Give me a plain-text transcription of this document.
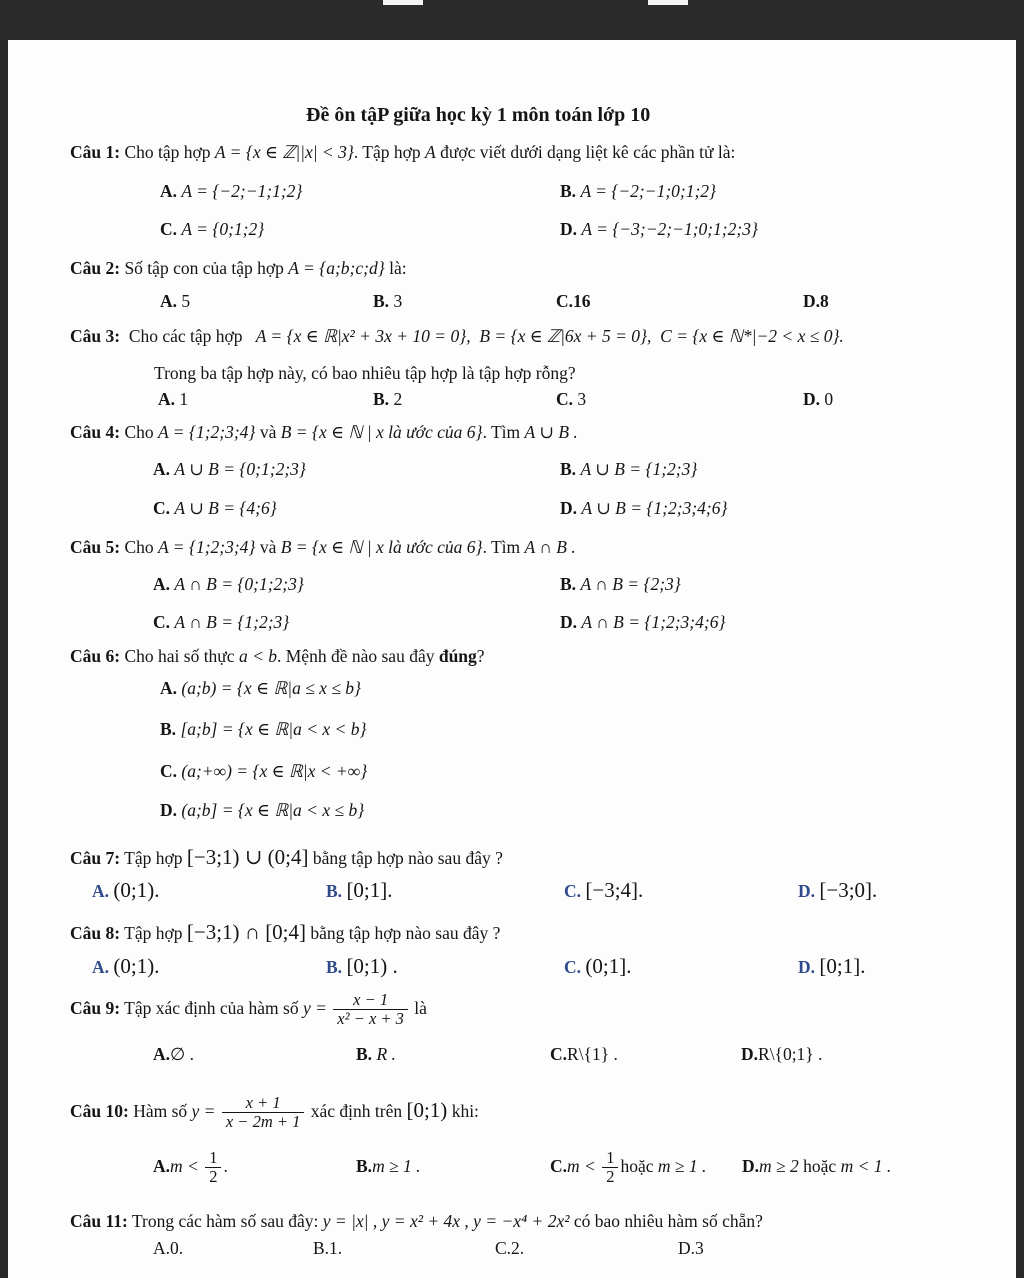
Đề ôn tậP giữa học kỳ 1 môn toán lớp 10
Câu 1: Cho tập hợp A = {x ∈ ℤ||x| < 3}. Tập hợp A được viết dưới dạng liệt kê các phần tử là:
A. A = {−2;−1;1;2}	B. A = {−2;−1;0;1;2}
C. A = {0;1;2}	D. A = {−3;−2;−1;0;1;2;3}
Câu 2: Số tập con của tập hợp A = {a;b;c;d} là:
A. 5	B. 3	C.16	D.8
Câu 3: Cho các tập hợp A = {x ∈ ℝ|x² + 3x + 10 = 0}, B = {x ∈ ℤ|6x + 5 = 0}, C = {x ∈ ℕ*|−2 < x ≤ 0}.
Trong ba tập hợp này, có bao nhiêu tập hợp là tập hợp rỗng?
A. 1	B. 2	C. 3	D. 0
Câu 4: Cho A = {1;2;3;4} và B = {x ∈ ℕ | x là ước của 6}. Tìm A ∪ B .
A. A ∪ B = {0;1;2;3}	B. A ∪ B = {1;2;3}
C. A ∪ B = {4;6}	D. A ∪ B = {1;2;3;4;6}
Câu 5: Cho A = {1;2;3;4} và B = {x ∈ ℕ | x là ước của 6}. Tìm A ∩ B .
A. A ∩ B = {0;1;2;3}	B. A ∩ B = {2;3}
C. A ∩ B = {1;2;3}	D. A ∩ B = {1;2;3;4;6}
Câu 6: Cho hai số thực a < b. Mệnh đề nào sau đây đúng?
A. (a;b) = {x ∈ ℝ|a ≤ x ≤ b}
B. [a;b] = {x ∈ ℝ|a < x < b}
C. (a;+∞) = {x ∈ ℝ|x < +∞}
D. (a;b] = {x ∈ ℝ|a < x ≤ b}
Câu 7: Tập hợp [−3;1) ∪ (0;4] bằng tập hợp nào sau đây ?
A. (0;1).	B. [0;1].	C. [−3;4].	D. [−3;0].
Câu 8: Tập hợp [−3;1) ∩ [0;4] bằng tập hợp nào sau đây ?
A. (0;1).	B. [0;1) .	C. (0;1].	D. [0;1].
Câu 9: Tập xác định của hàm số $y = \frac{x - 1}{\text{x² − x + 3}}$ là
A.∅ .	B. R .	C.R\{1} .	D.R\{0;1} .
Câu 10: Hàm số $y = \frac{x + 1}{x - 2m + 1}$ xác định trên [0;1) khi:
$A.m < \frac{1}{2}$ .	B.m ≥ 1 .	$C.m < \frac{1}{2}$ hoặc m ≥ 1 . D.m ≥ 2 hoặc m < 1 .
Câu 11: Trong các hàm số sau đây: y = |x| , y = x² + 4x , y = −x⁴ + 2x² có bao nhiêu hàm số chẵn?
A.0.	B.1.	C.2.	D.3
